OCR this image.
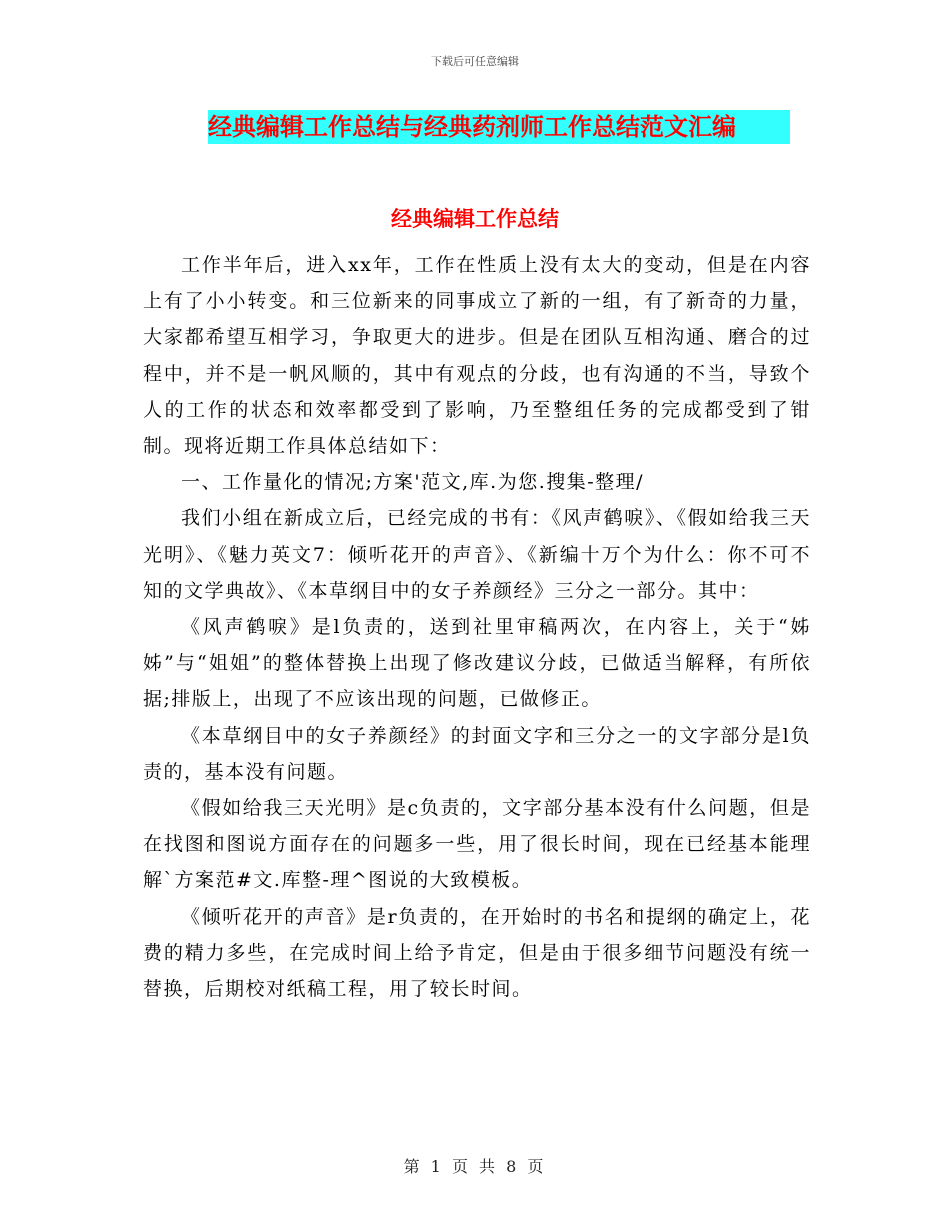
下载后可任意编辑
经典编辑工作总结与经典药剂师工作总结范文汇编
经典编辑工作总结

工作半年后，进入xx年，工作在性质上没有太大的变动，但是在内容上有了小小转变。和三位新来的同事成立了新的一组，有了新奇的力量，大家都希望互相学习，争取更大的进步。但是在团队互相沟通、磨合的过程中，并不是一帆风顺的，其中有观点的分歧，也有沟通的不当，导致个人的工作的状态和效率都受到了影响，乃至整组任务的完成都受到了钳制。现将近期工作具体总结如下：

一、工作量化的情况;方案'范文,库.为您.搜集-整理/

我们小组在新成立后，已经完成的书有：《风声鹤唳》、《假如给我三天光明》、《魅力英文7：倾听花开的声音》、《新编十万个为什么：你不可不知的文学典故》、《本草纲目中的女子养颜经》三分之一部分。其中：

《风声鹤唳》是l负责的，送到社里审稿两次，在内容上，关于“姊姊”与“姐姐”的整体替换上出现了修改建议分歧，已做适当解释，有所依据;排版上，出现了不应该出现的问题，已做修正。

《本草纲目中的女子养颜经》的封面文字和三分之一的文字部分是l负责的，基本没有问题。

《假如给我三天光明》是c负责的，文字部分基本没有什么问题，但是在找图和图说方面存在的问题多一些，用了很长时间，现在已经基本能理解`方案范#文.库整-理^图说的大致模板。

《倾听花开的声音》是r负责的，在开始时的书名和提纲的确定上，花费的精力多些，在完成时间上给予肯定，但是由于很多细节问题没有统一替换，后期校对纸稿工程，用了较长时间。

第 1 页 共 8 页
